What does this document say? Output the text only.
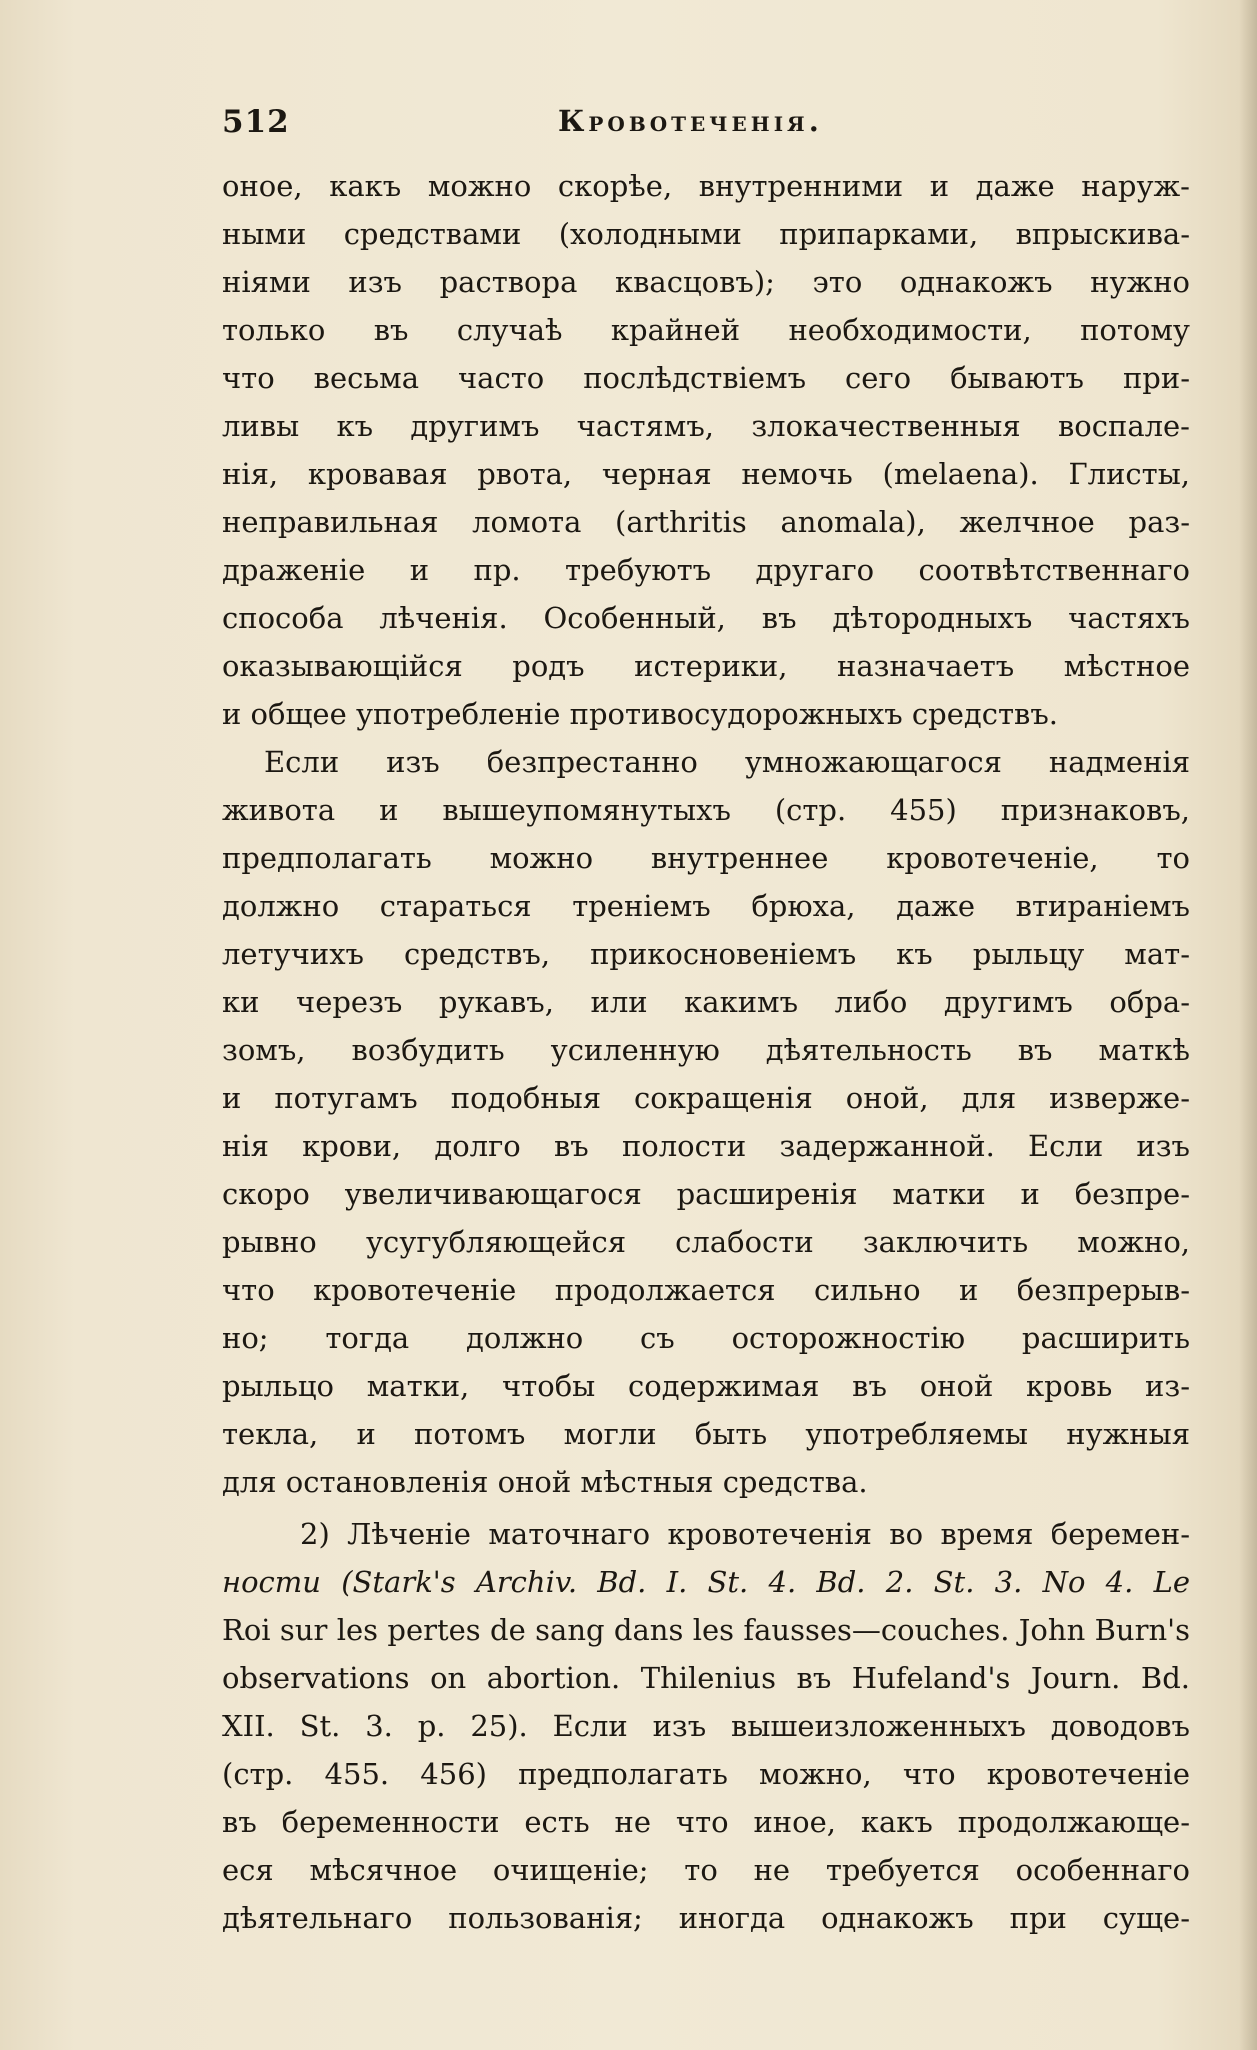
512	Кровотеченія.
оное, какъ можно скорѣе, внутренними и даже наруж-
ными средствами (холодными припарками, впрыскива-
ніями изъ раствора квасцовъ); это однакожъ нужно
только въ случаѣ крайней необходимости, потому
что весьма часто послѣдствіемъ сего бываютъ при-
ливы къ другимъ частямъ, злокачественныя воспале-
нія, кровавая рвота, черная немочь (melaena). Глисты,
неправильная ломота (arthritis anomala), желчное раз-
драженіе и пр. требуютъ другаго соотвѣтственнаго
способа лѣченія. Особенный, въ дѣтородныхъ частяхъ
оказывающійся родъ истерики, назначаетъ мѣстное
и общее употребленіе противосудорожныхъ средствъ.
Если изъ безпрестанно умножающагося надменія
живота и вышеупомянутыхъ (стр. 455) признаковъ,
предполагать можно внутреннее кровотеченіе, то
должно стараться треніемъ брюха, даже втираніемъ
летучихъ средствъ, прикосновеніемъ къ рыльцу мат-
ки черезъ рукавъ, или какимъ либо другимъ обра-
зомъ, возбудить усиленную дѣятельность въ маткѣ
и потугамъ подобныя сокращенія оной, для изверже-
нія крови, долго въ полости задержанной. Если изъ
скоро увеличивающагося расширенія матки и безпре-
рывно усугубляющейся слабости заключить можно,
что кровотеченіе продолжается сильно и безпрерыв-
но; тогда должно съ осторожностію расширить
рыльцо матки, чтобы содержимая въ оной кровь из-
текла, и потомъ могли быть употребляемы нужныя
для остановленія оной мѣстныя средства.
2) Лѣченіе маточнаго кровотеченія во время беремен-
ности (Stark's Archiv. Bd. I. St. 4. Bd. 2. St. 3. No 4. Le
Roi sur les pertes de sang dans les fausses—couches. John Burn's
observations on abortion. Thilenius въ Hufeland's Journ. Bd.
XII. St. 3. p. 25). Если изъ вышеизложенныхъ доводовъ
(стр. 455. 456) предполагать можно, что кровотеченіе
въ беременности есть не что иное, какъ продолжающе-
еся мѣсячное очищеніе; то не требуется особеннаго
дѣятельнаго пользованія; иногда однакожъ при суще-
